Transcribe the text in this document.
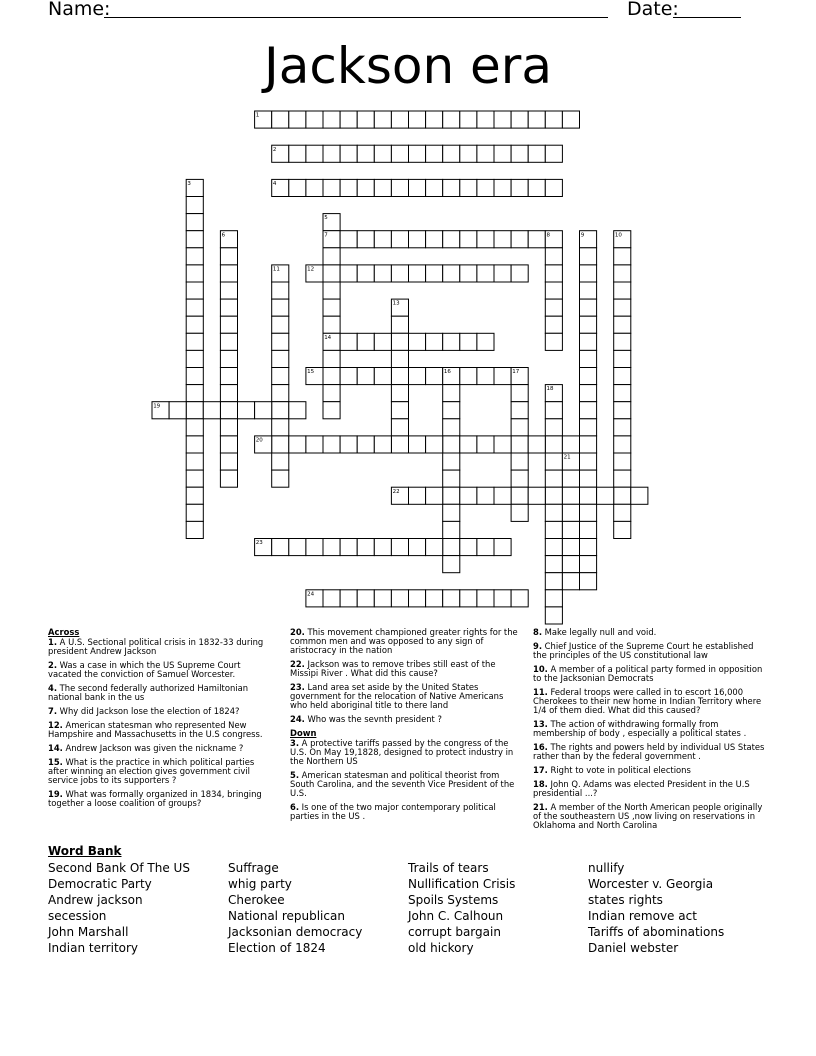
Name:	Date:
Jackson era
1
2
3	4
5
6	7	8	9	10
11	12
13
14
15	16	17
18
19
20
21
22
23
24
Across
1. A U.S. Sectional political crisis in 1832-33 during president Andrew Jackson
2. Was a case in which the US Supreme Court vacated the conviction of Samuel Worcester.
4. The second federally authorized Hamiltonian national bank in the us
7. Why did Jackson lose the election of 1824?
12. American statesman who represented New Hampshire and Massachusetts in the U.S congress.
14. Andrew Jackson was given the nickname ?
15. What is the practice in which political parties after winning an election gives government civil service jobs to its supporters ?
19. What was formally organized in 1834, bringing together a loose coalition of groups?
20. This movement championed greater rights for the common men and was opposed to any sign of aristocracy in the nation
22. Jackson was to remove tribes still east of the Missipi River . What did this cause?
23. Land area set aside by the United States government for the relocation of Native Americans who held aboriginal title to there land
24. Who was the sevnth president ?
Down
3. A protective tariffs passed by the congress of the U.S. On May 19,1828, designed to protect industry in the Northern US
5. American statesman and political theorist from South Carolina, and the seventh Vice President of the U.S.
6. Is one of the two major contemporary political parties in the US .
8. Make legally null and void.
9. Chief Justice of the Supreme Court he established the principles of the US constitutional law
10. A member of a political party formed in opposition to the Jacksonian Democrats
11. Federal troops were called in to escort 16,000 Cherokees to their new home in Indian Territory where 1/4 of them died. What did this caused?
13. The action of withdrawing formally from membership of body , especially a political states .
16. The rights and powers held by individual US States rather than by the federal government .
17. Right to vote in political elections
18. John Q. Adams was elected President in the U.S presidential ...?
21. A member of the North American people originally of the southeastern US ,now living on reservations in Oklahoma and North Carolina
Word Bank
Second Bank Of The US
Democratic Party
Andrew jackson
secession
John Marshall
Indian territory
Suffrage
whig party
Cherokee
National republican
Jacksonian democracy
Election of 1824
Trails of tears
Nullification Crisis
Spoils Systems
John C. Calhoun
corrupt bargain
old hickory
nullify
Worcester v. Georgia
states rights
Indian remove act
Tariffs of abominations
Daniel webster
